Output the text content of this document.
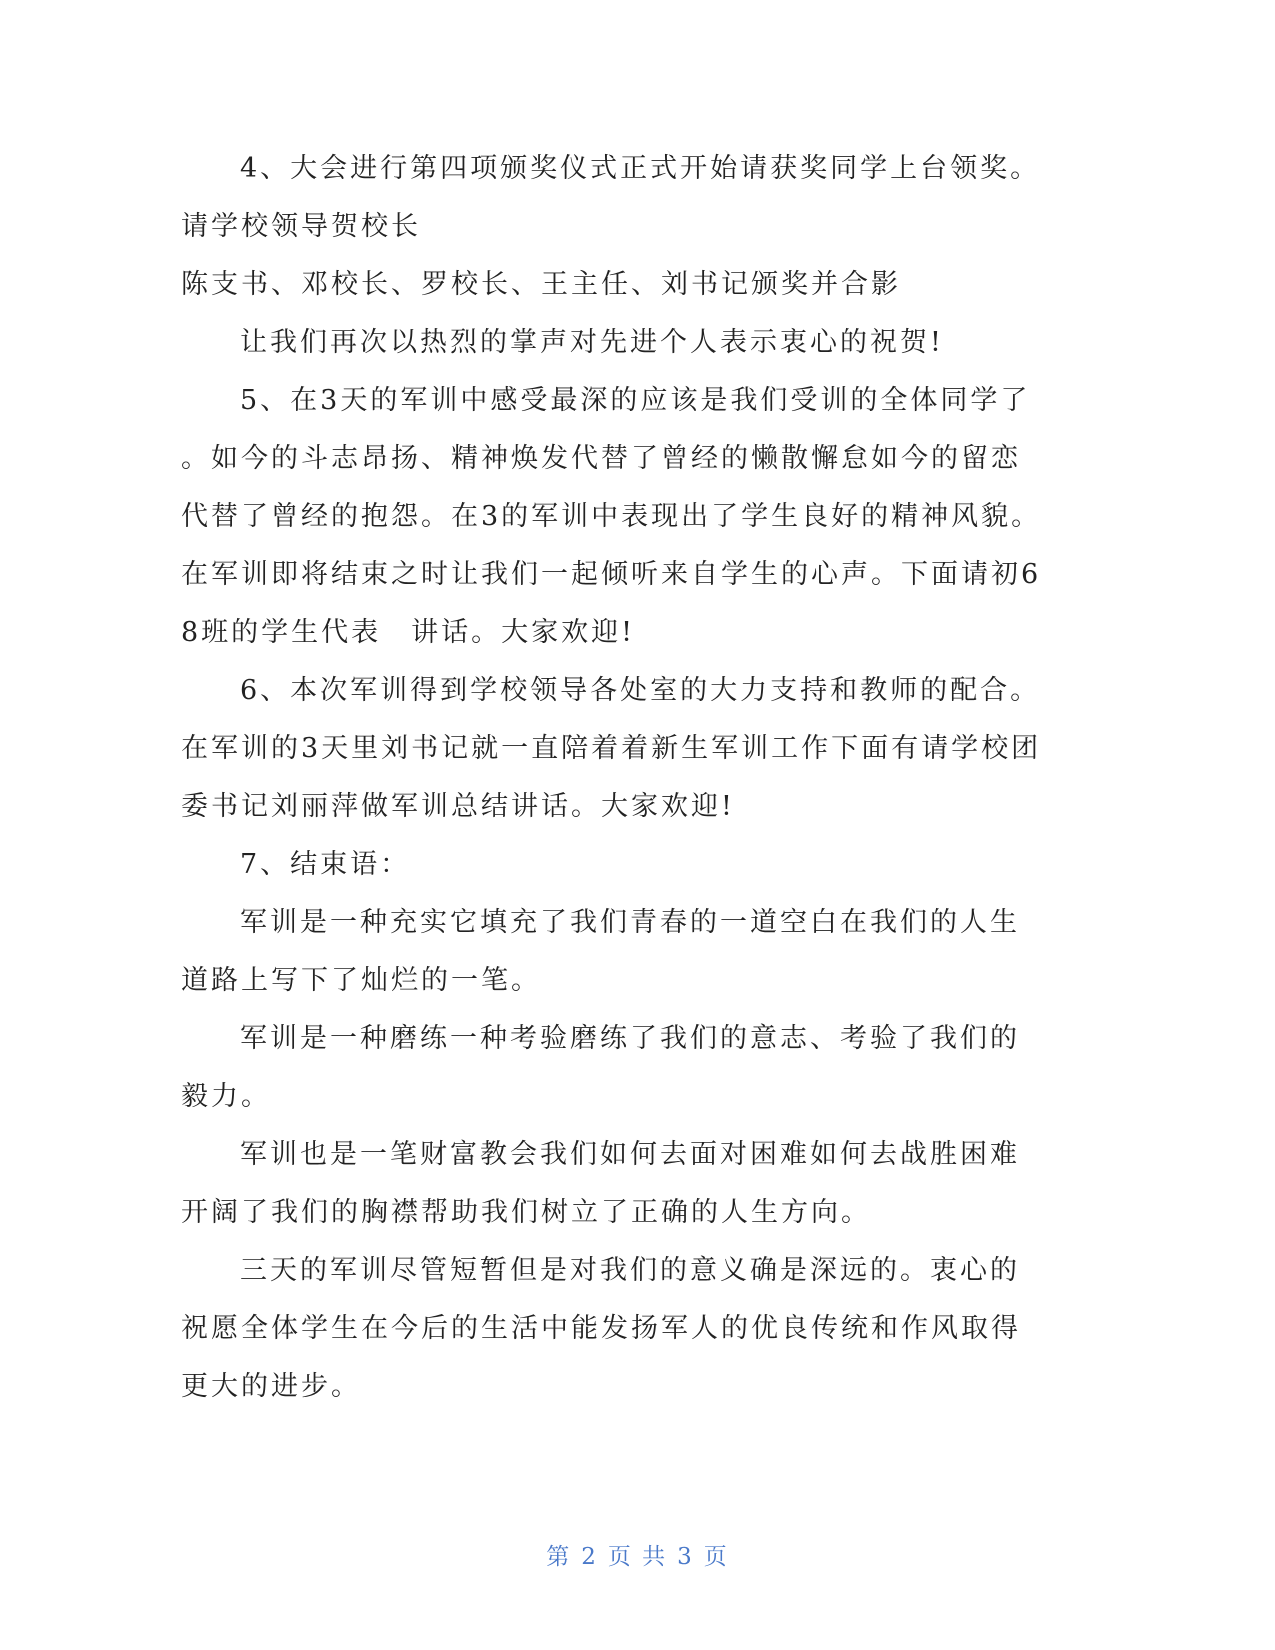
4、大会进行第四项颁奖仪式正式开始请获奖同学上台领奖。
请学校领导贺校长
陈支书、邓校长、罗校长、王主任、刘书记颁奖并合影
让我们再次以热烈的掌声对先进个人表示衷心的祝贺!
5、在3天的军训中感受最深的应该是我们受训的全体同学了
。如今的斗志昂扬、精神焕发代替了曾经的懒散懈怠如今的留恋
代替了曾经的抱怨。在3的军训中表现出了学生良好的精神风貌。
在军训即将结束之时让我们一起倾听来自学生的心声。下面请初6
8班的学生代表　讲话。大家欢迎!
6、本次军训得到学校领导各处室的大力支持和教师的配合。
在军训的3天里刘书记就一直陪着着新生军训工作下面有请学校团
委书记刘丽萍做军训总结讲话。大家欢迎!
7、结束语：
军训是一种充实它填充了我们青春的一道空白在我们的人生
道路上写下了灿烂的一笔。
军训是一种磨练一种考验磨练了我们的意志、考验了我们的
毅力。
军训也是一笔财富教会我们如何去面对困难如何去战胜困难
开阔了我们的胸襟帮助我们树立了正确的人生方向。
三天的军训尽管短暂但是对我们的意义确是深远的。衷心的
祝愿全体学生在今后的生活中能发扬军人的优良传统和作风取得
更大的进步。
第 2 页 共 3 页
